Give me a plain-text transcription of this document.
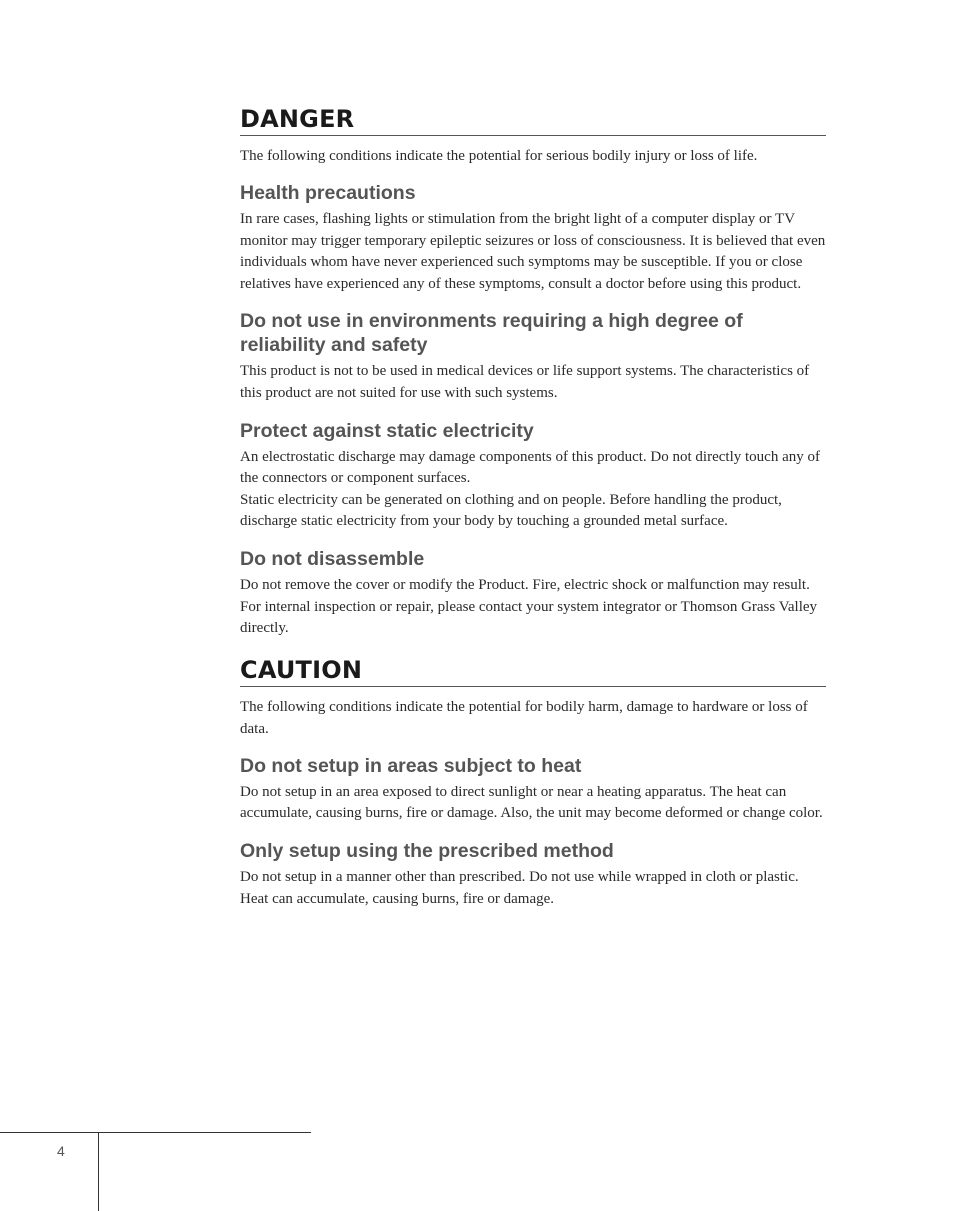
DANGER

The following conditions indicate the potential for serious bodily injury or loss of life.

Health precautions

In rare cases, flashing lights or stimulation from the bright light of a computer display or TV monitor may trigger temporary epileptic seizures or loss of consciousness. It is believed that even individuals whom have never experienced such symptoms may be susceptible. If you or close relatives have experienced any of these symptoms, consult a doctor before using this product.

Do not use in environments requiring a high degree of reliability and safety

This product is not to be used in medical devices or life support systems. The characteristics of this product are not suited for use with such systems.

Protect against static electricity

An electrostatic discharge may damage components of this product. Do not directly touch any of the connectors or component surfaces.

Static electricity can be generated on clothing and on people. Before handling the product, discharge static electricity from your body by touching a grounded metal surface.

Do not disassemble

Do not remove the cover or modify the Product. Fire, electric shock or malfunction may result. For internal inspection or repair, please contact your system integrator or Thomson Grass Valley directly.

CAUTION

The following conditions indicate the potential for bodily harm, damage to hardware or loss of data.

Do not setup in areas subject to heat

Do not setup in an area exposed to direct sunlight or near a heating apparatus. The heat can accumulate, causing burns, fire or damage. Also, the unit may become deformed or change color.

Only setup using the prescribed method

Do not setup in a manner other than prescribed. Do not use while wrapped in cloth or plastic. Heat can accumulate, causing burns, fire or damage.

4
